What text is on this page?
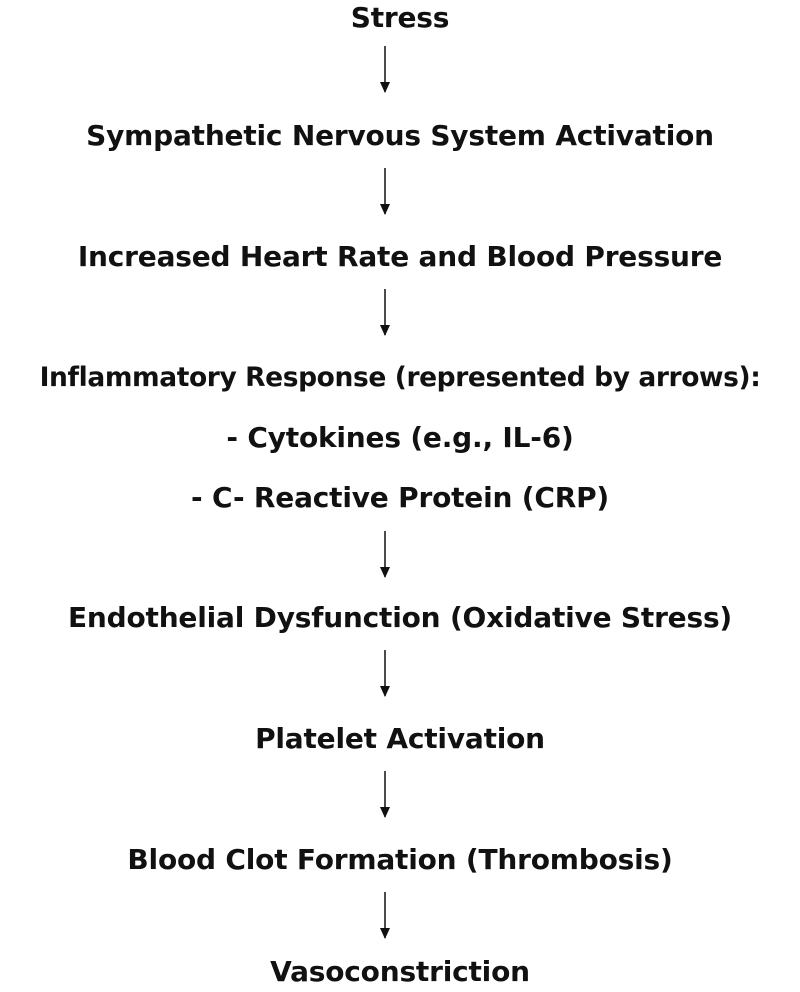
Stress
Sympathetic Nervous System Activation
Increased Heart Rate and Blood Pressure
Inflammatory Response (represented by arrows):
- Cytokines (e.g., IL-6)
- C- Reactive Protein (CRP)
Endothelial Dysfunction (Oxidative Stress)
Platelet Activation
Blood Clot Formation (Thrombosis)
Vasoconstriction
